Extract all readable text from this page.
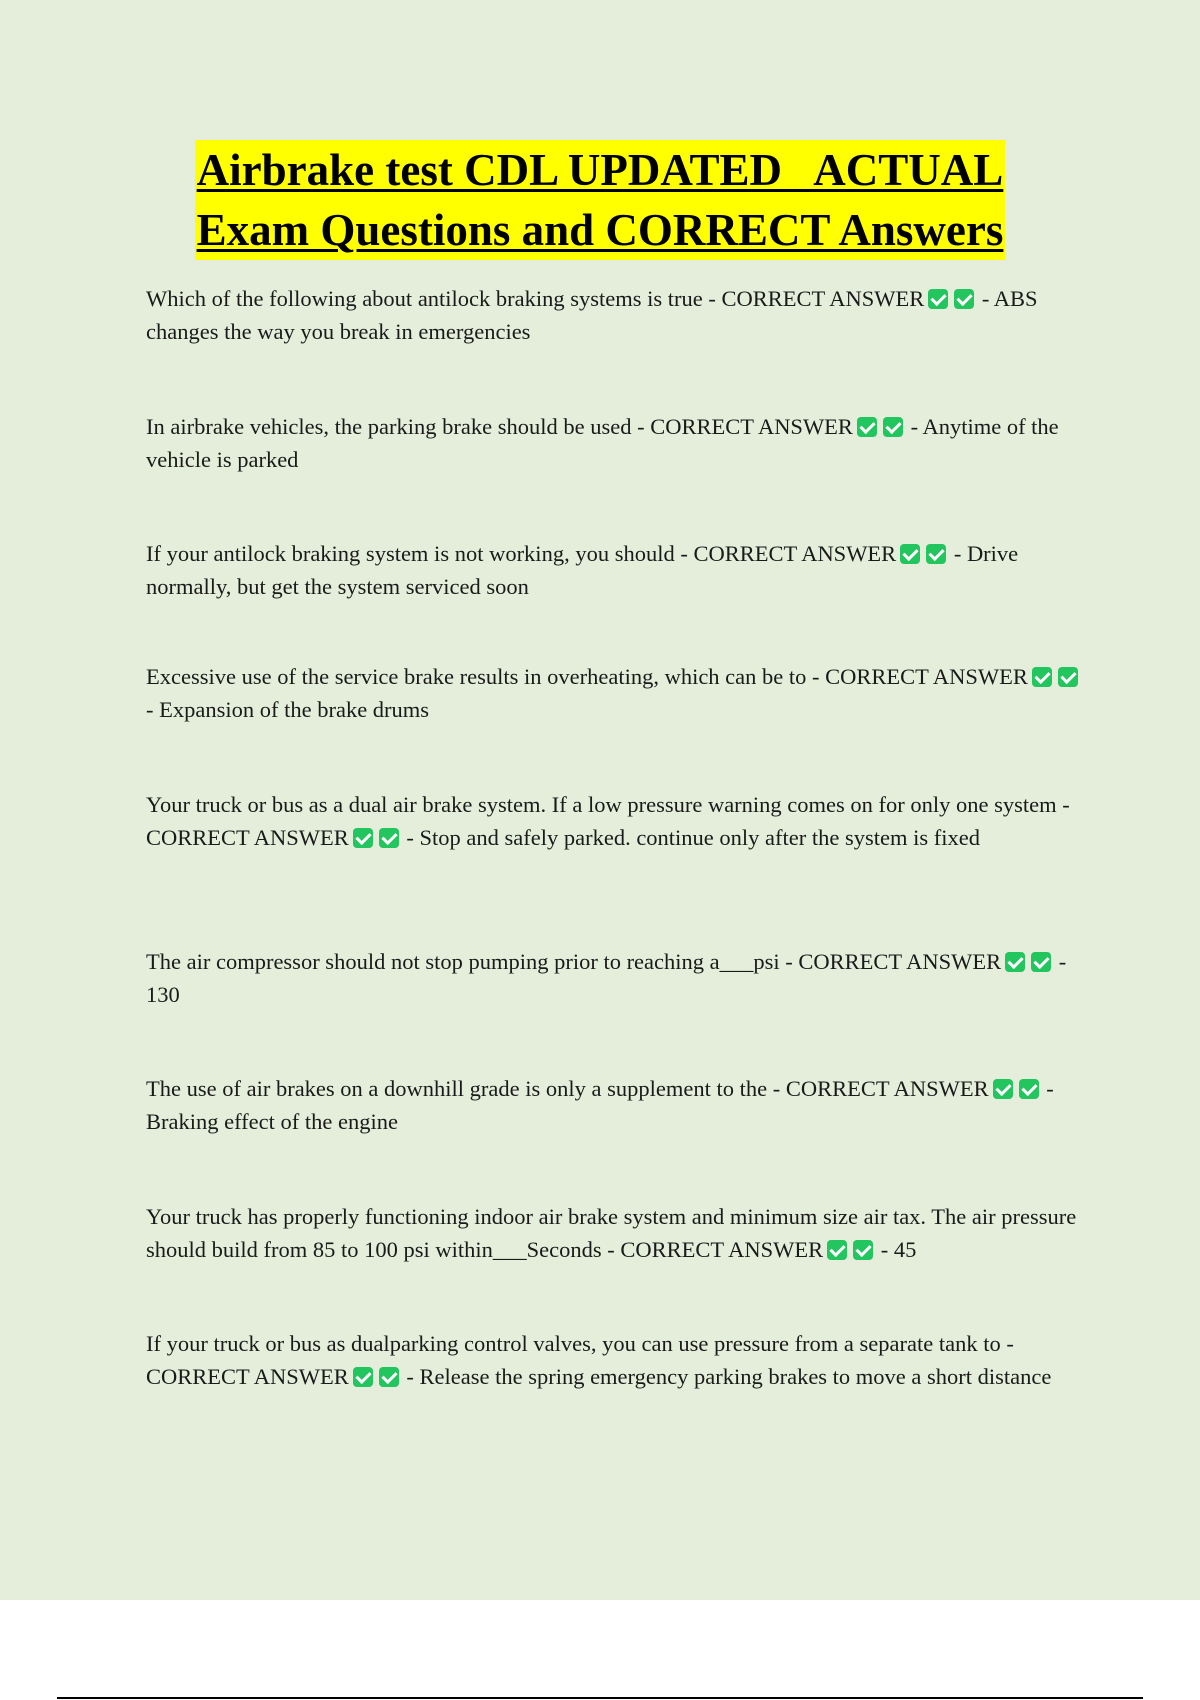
Airbrake test CDL UPDATED   ACTUAL
Exam Questions and CORRECT Answers
Which of the following about antilock braking systems is true - CORRECT ANSWER - ABS changes the way you break in emergencies
In airbrake vehicles, the parking brake should be used - CORRECT ANSWER - Anytime of the vehicle is parked
If your antilock braking system is not working, you should - CORRECT ANSWER - Drive normally, but get the system serviced soon
Excessive use of the service brake results in overheating, which can be to - CORRECT ANSWER - Expansion of the brake drums
Your truck or bus as a dual air brake system. If a low pressure warning comes on for only one system - CORRECT ANSWER - Stop and safely parked. continue only after the system is fixed
The air compressor should not stop pumping prior to reaching a___psi - CORRECT ANSWER - 130
The use of air brakes on a downhill grade is only a supplement to the - CORRECT ANSWER - Braking effect of the engine
Your truck has properly functioning indoor air brake system and minimum size air tax. The air pressure should build from 85 to 100 psi within___Seconds - CORRECT ANSWER - 45
If your truck or bus as dualparking control valves, you can use pressure from a separate tank to - CORRECT ANSWER - Release the spring emergency parking brakes to move a short distance
